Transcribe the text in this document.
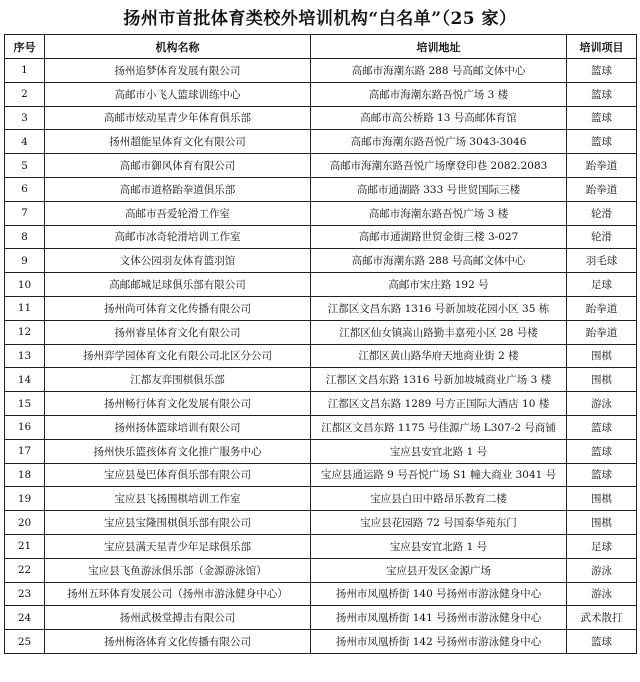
扬州市首批体育类校外培训机构“白名单”（25 家）
序号	机构名称	培训地址	培训项目
1	扬州追梦体育发展有限公司	高邮市海潮东路 288 号高邮文体中心	篮球
2	高邮市小飞人篮球训练中心	高邮市海潮东路吾悦广场 3 楼	篮球
3	高邮市炫动星青少年体育俱乐部	高邮市高公桥路 13 号高邮体育馆	篮球
4	扬州超能星体育文化有限公司	高邮市海潮东路吾悦广场 3043-3046	篮球
5	高邮市御风体育有限公司	高邮市海潮东路吾悦广场摩登印巷 2082.2083	跆拳道
6	高邮市道格跆拳道俱乐部	高邮市通湖路 333 号世贸国际三楼	跆拳道
7	高邮市吾爱轮滑工作室	高邮市海潮东路吾悦广场 3 楼	轮滑
8	高邮市冰奇轮滑培训工作室	高邮市通湖路世贸金街三楼 3-027	轮滑
9	文体公园羽友体育篮羽馆	高邮市海潮东路 288 号高邮文体中心	羽毛球
10	高邮邮城足球俱乐部有限公司	高邮市宋庄路 192 号	足球
11	扬州尚可体育文化传播有限公司	江都区文昌东路 1316 号新加坡花园小区 35 栋	跆拳道
12	扬州睿星体育文化有限公司	江都区仙女镇嵩山路勤丰嘉苑小区 28 号楼	跆拳道
13	扬州弈学园体育文化有限公司北区分公司	江都区黄山路华府天地商业街 2 楼	围棋
14	江都友弈围棋俱乐部	江都区文昌东路 1316 号新加坡城商业广场 3 楼	围棋
15	扬州畅行体育文化发展有限公司	江都区文昌东路 1289 号方正国际大酒店 10 楼	游泳
16	扬州扬体篮球培训有限公司	江都区文昌东路 1175 号佳源广场 L307-2 号商铺	篮球
17	扬州快乐篮孩体育文化推广服务中心	宝应县安宜北路 1 号	篮球
18	宝应县曼巴体育俱乐部有限公司	宝应县通运路 9 号吾悦广场 S1 幢大商业 3041 号	篮球
19	宝应县飞扬围棋培训工作室	宝应县白田中路昂乐教育二楼	围棋
20	宝应县宝隆围棋俱乐部有限公司	宝应县花园路 72 号国泰华苑东门	围棋
21	宝应县满天星青少年足球俱乐部	宝应县安宜北路 1 号	足球
22	宝应县飞鱼游泳俱乐部（金源游泳馆）	宝应县开发区金源广场	游泳
23	扬州五环体育发展公司（扬州市游泳健身中心）	扬州市凤凰桥街 140 号扬州市游泳健身中心	游泳
24	扬州武极堂搏击有限公司	扬州市凤凰桥街 141 号扬州市游泳健身中心	武术散打
25	扬州梅洛体育文化传播有限公司	扬州市凤凰桥街 142 号扬州市游泳健身中心	篮球
